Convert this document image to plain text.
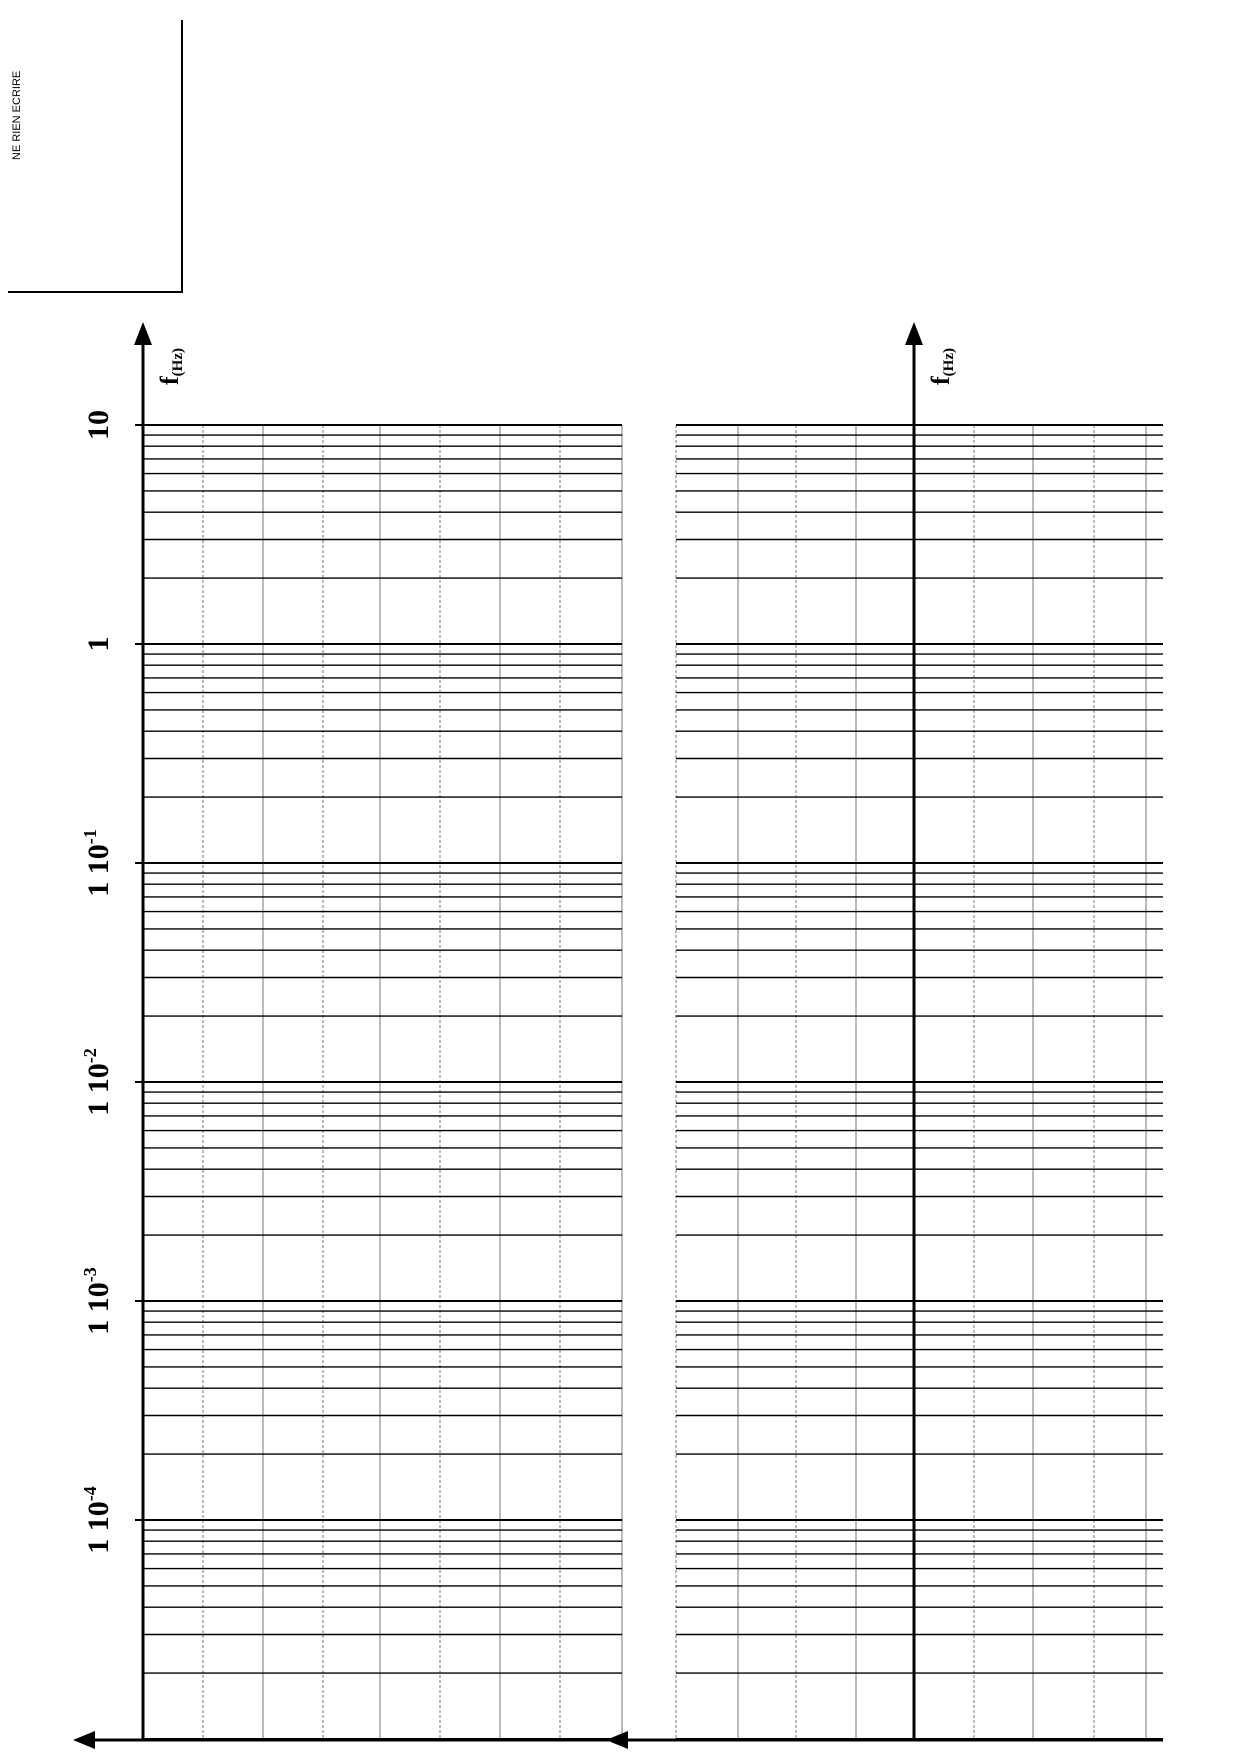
NE RIEN ECRIRE
10
1
1 $10^{-1}$
1 $10^{-2}$
1 $10^{-3}$
1 $10^{-4}$
f(Hz)
f(Hz)
